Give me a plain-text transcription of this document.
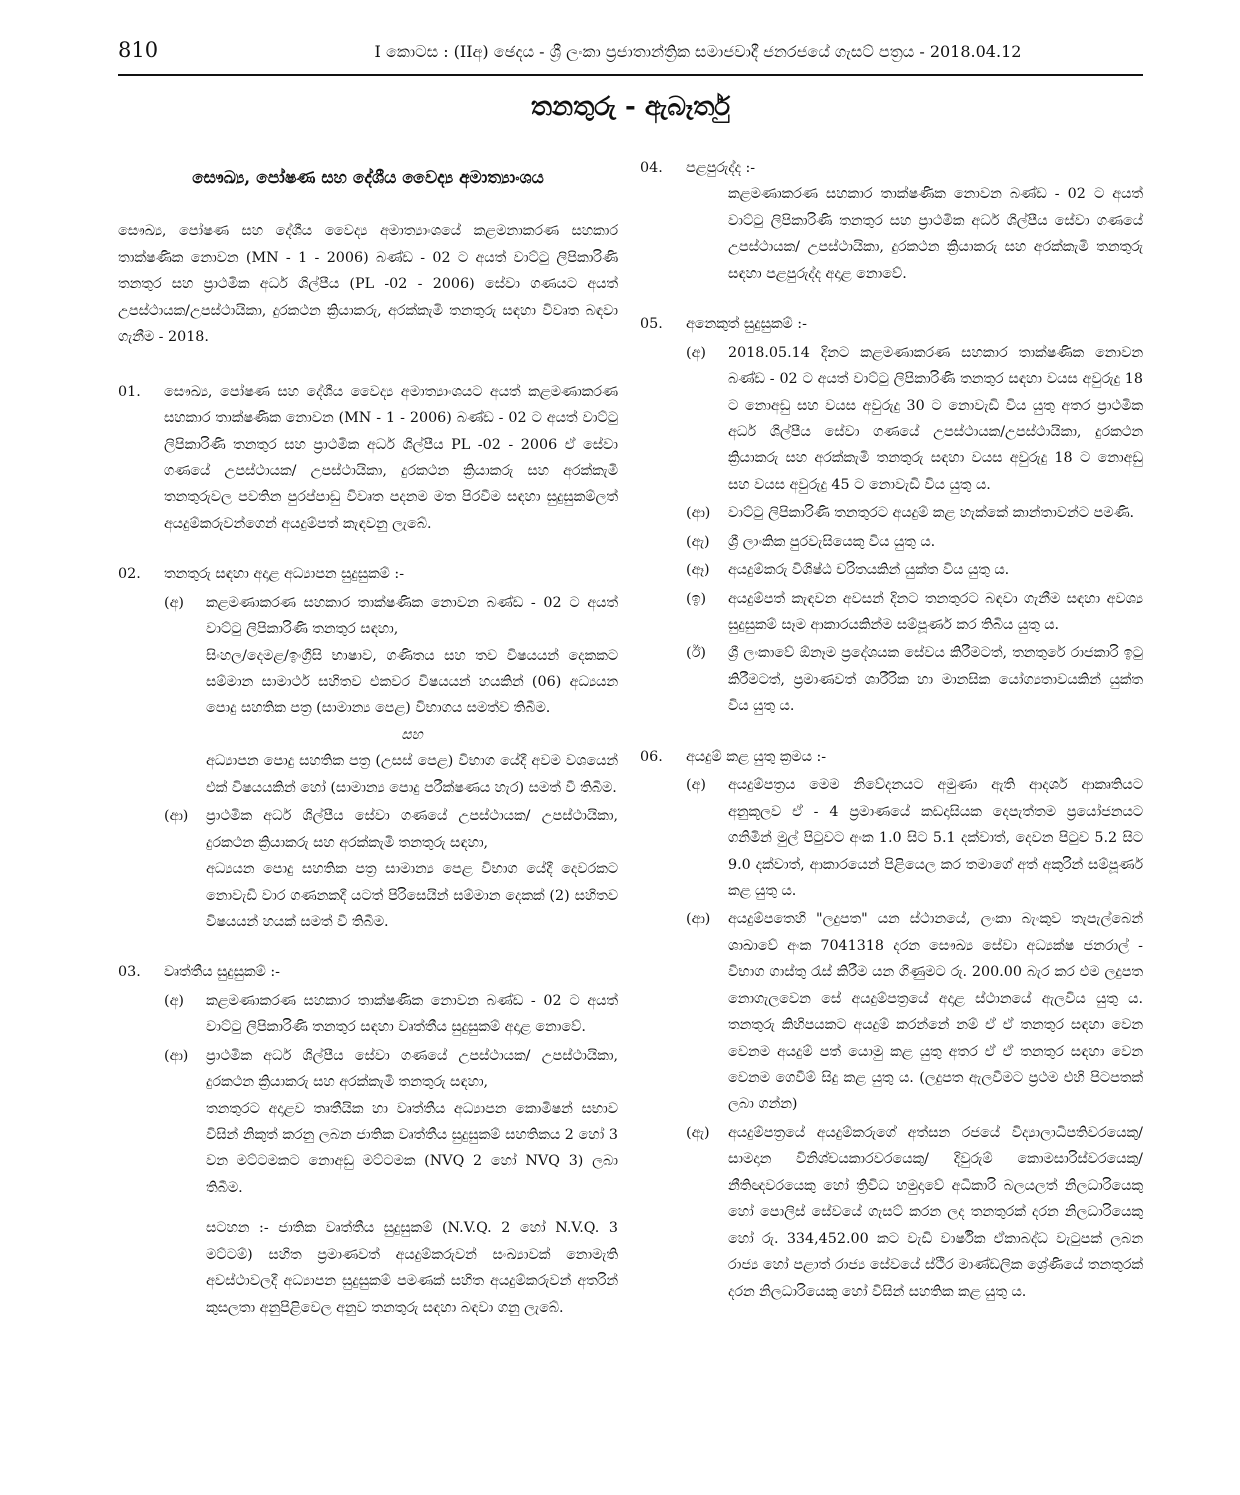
810	I කොටස : (IIඅ) ඡෙදය - ශ්‍රී ලංකා ප්‍රජාතාන්ත්‍රික සමාජවාදී ජනරජයේ ගැසට් පත්‍රය - 2018.04.12
තනතුරු - ඇබෑර්තු

සෞඛ්‍ය, පෝෂණ සහ දේශීය වෛද්‍ය අමාත්‍යාංශය

සෞඛ්‍ය, පෝෂණ සහ දේශීය වෛද්‍ය අමාත්‍යාංශයේ කළමනාකරණ සහකාර තාක්ෂණික නොවන (MN - 1 - 2006) බණ්ඩ - 02 ට අයත් වාට්ටු ලිපිකාරිණි තනතුර සහ ප්‍රාථමික අර්ධ ශිල්පීය (PL -02 - 2006) සේවා ගණයට අයත් උපස්ථායක/උපස්ථායිකා, දුරකථන ක්‍රියාකරු, අරක්කැමි තනතුරු සඳහා විවෘත බඳවා ගැනීම - 2018.

01. සෞඛ්‍ය, පෝෂණ සහ දේශීය වෛද්‍ය අමාත්‍යාංශයට අයත් කළමණාකරණ සහකාර තාක්ෂණික නොවන (MN - 1 - 2006) බණ්ඩ - 02 ට අයත් වාට්ටු ලිපිකාරිණි තනතුර සහ ප්‍රාථමික අර්ධ ශිල්පීය PL -02 - 2006 ඒ සේවා ගණයේ උපස්ථායක/ උපස්ථායිකා, දුරකථන ක්‍රියාකරු සහ අරක්කැමි තනතුරුවල පවතින පුරප්පාඩු විවෘත පදනම මත පිරවීම සඳහා සුදුසුකම්ලත් අයදුම්කරුවන්ගෙන් අයදුම්පත් කැඳවනු ලැබේ.

02. තනතුරු සඳහා අදාළ අධ්‍යාපන සුදුසුකම් :-

(අ) කළමණාකරණ සහකාර තාක්ෂණික නොවන බණ්ඩ - 02 ට අයත් වාට්ටු ලිපිකාරිණි තනතුර සඳහා,

සිංහල/දෙමළ/ඉංග්‍රීසි භාෂාව, ගණිතය සහ තව විෂයයන් දෙකකට සම්මාන සාමාර්ථ සහිතව එකවර විෂයයන් හයකින් (06) අධ්‍යයන පොදු සහතික පත්‍ර (සාමාන්‍ය පෙළ) විභාගය සමත්ව තිබීම.

සහ

අධ්‍යාපන පොදු සහතික පත්‍ර (උසස් පෙළ) විභාග යේදී අවම වශයෙන් එක් විෂයයකින් හෝ (සාමාන්‍ය පොදු පරීක්ෂණය හැර) සමත් වී තිබීම.

(ආ) ප්‍රාථමික අර්ධ ශිල්පීය සේවා ගණයේ උපස්ථායක/ උපස්ථායිකා, දුරකථන ක්‍රියාකරු සහ අරක්කැමි තනතුරු සඳහා,

අධ්‍යයන පොදු සහතික පත්‍ර සාමාන්‍ය පෙළ විභාග යේදී දෙවරකට නොවැඩි වාර ගණනකදී යටත් පිරිසෙයින් සම්මාන දෙකක් (2) සහිතව විෂයයන් හයක් සමත් වී තිබීම.

03. වෘත්තීය සුදුසුකම් :-

(අ) කළමණාකරණ සහකාර තාක්ෂණික නොවන බණ්ඩ - 02 ට අයත් වාට්ටු ලිපිකාරිණි තනතුර සඳහා වෘත්තීය සුදුසුකම් අදාළ නොවේ.

(ආ) ප්‍රාථමික අර්ධ ශිල්පීය සේවා ගණයේ උපස්ථායක/ උපස්ථායිකා, දුරකථන ක්‍රියාකරු සහ අරක්කැමි තනතුරු සඳහා,

තනතුරට අදාළව තෘතීයික හා වෘත්තීය අධ්‍යාපන කොමිෂන් සභාව විසින් නිකුත් කරනු ලබන ජාතික වෘත්තීය සුදුසුකම් සහතිකය 2 හෝ 3 වන මට්ටමකට නොඅඩු මට්ටමක (NVQ 2 හෝ NVQ 3) ලබා තිබීම.

සටහන :- ජාතික වෘත්තීය සුදුසුකම් (N.V.Q. 2 හෝ N.V.Q. 3 මට්ටම්) සහිත ප්‍රමාණවත් අයදුම්කරුවන් සංඛ්‍යාවක් නොමැති අවස්ථාවලදී අධ්‍යාපන සුදුසුකම් පමණක් සහිත අයදුම්කරුවන් අතරින් කුසලතා අනුපිළිවෙල අනුව තනතුරු සඳහා බඳවා ගනු ලැබේ.

04. පළපුරුද්ද :-

කළමණාකරණ සහකාර තාක්ෂණික නොවන බණ්ඩ - 02 ට අයත් වාට්ටු ලිපිකාරිණි තනතුර සහ ප්‍රාථමික අර්ධ ශිල්පීය සේවා ගණයේ උපස්ථායක/ උපස්ථායිකා, දුරකථන ක්‍රියාකරු සහ අරක්කැමි තනතුරු සඳහා පළපුරුද්ද අදාළ නොවේ.

05. අනෙකුත් සුදුසුකම් :-

(අ) 2018.05.14 දිනට කළමණාකරණ සහකාර තාක්ෂණික නොවන බණ්ඩ - 02 ට අයත් වාට්ටු ලිපිකාරිණි තනතුර සඳහා වයස අවුරුදු 18 ට නොඅඩු සහ වයස අවුරුදු 30 ට නොවැඩි විය යුතු අතර ප්‍රාථමික අර්ධ ශිල්පීය සේවා ගණයේ උපස්ථායක/උපස්ථායිකා, දුරකථන ක්‍රියාකරු සහ අරක්කැමි තනතුරු සඳහා වයස අවුරුදු 18 ට නොඅඩු සහ වයස අවුරුදු 45 ට නොවැඩි විය යුතු ය.

(ආ) වාට්ටු ලිපිකාරිණි තනතුරට අයදුම් කළ හැක්කේ කාන්තාවන්ට පමණි.

(ඇ) ශ්‍රී ලාංකික පුරවැසියෙකු විය යුතු ය.

(ඈ) අයදුම්කරු විශිෂ්ඨ චරිතයකින් යුක්ත විය යුතු ය.

(ඉ) අයදුම්පත් කැඳවන අවසන් දිනට තනතුරට බඳවා ගැනීම සඳහා අවශ්‍ය සුදුසුකම් සෑම ආකාරයකින්ම සම්පූර්ණ කර තිබිය යුතු ය.

(ඊ) ශ්‍රී ලංකාවේ ඕනෑම ප්‍රදේශයක සේවය කිරීමටත්, තනතුරේ රාජකාරි ඉටු කිරීමටත්, ප්‍රමාණවත් ශාරීරික හා මානසික යෝග්‍යතාවයකින් යුක්ත විය යුතු ය.

06. අයදුම් කළ යුතු ක්‍රමය :-

(අ) අයදුම්පත්‍රය මෙම නිවේදනයට අමුණා ඇති ආදර්ශ ආකෘතියට අනුකූලව ඒ - 4 ප්‍රමාණයේ කඩදාසියක දෙපැත්තම ප්‍රයෝජනයට ගනිමින් මුල් පිටුවට අංක 1.0 සිට 5.1 දක්වාත්, දෙවන පිටුව 5.2 සිට 9.0 දක්වාත්, ආකාරයෙන් පිළියෙල කර තමාගේ අත් අකුරින් සම්පූර්ණ කළ යුතු ය.

(ආ) අයදුම්පතෙහි "ලදුපත" යන ස්ථානයේ, ලංකා බැංකුව තැපැල්බෙන් ශාඛාවේ අංක 7041318 දරන සෞඛ්‍ය සේවා අධ්‍යක්ෂ ජනරාල් - විභාග ගාස්තු රැස් කිරීම යන ගිණුමට රු. 200.00 බැර කර එම ලදුපත නොගැලවෙන සේ අයදුම්පත්‍රයේ අදාළ ස්ථානයේ ඇලවිය යුතු ය. තනතුරු කිහිපයකට අයදුම් කරන්නේ නම් ඒ ඒ තනතුර සඳහා වෙන වෙනම අයදුම් පත් යොමු කළ යුතු අතර ඒ ඒ තනතුර සඳහා වෙන වෙනම ගෙවීම් සිදු කළ යුතු ය. (ලදුපත ඇලවීමට ප්‍රථම එහි පිටපතක් ලබා ගන්න)

(ඇ) අයදුම්පත්‍රයේ අයදුම්කරුගේ අත්සන රජයේ විද්‍යාලාධිපතිවරයෙකු/ සාමදාන විනිශ්චයකාරවරයෙකු/ දිවුරුම් කොමසාරිස්වරයෙකු/ නීතිඥවරයෙකු හෝ ත්‍රිවිධ හමුදාවේ අධිකාරි බලයලත් නිලධාරියෙකු හෝ පොලිස් සේවයේ ගැසට් කරන ලද තනතුරක් දරන නිලධාරියෙකු හෝ රු. 334,452.00 කට වැඩි වාර්ෂික ඒකාබද්ධ වැටුපක් ලබන රාජ්‍ය හෝ පළාත් රාජ්‍ය සේවයේ ස්ථිර මාණ්ඩලික ශ්‍රේණියේ තනතුරක් දරන නිලධාරියෙකු හෝ විසින් සහතික කළ යුතු ය.
